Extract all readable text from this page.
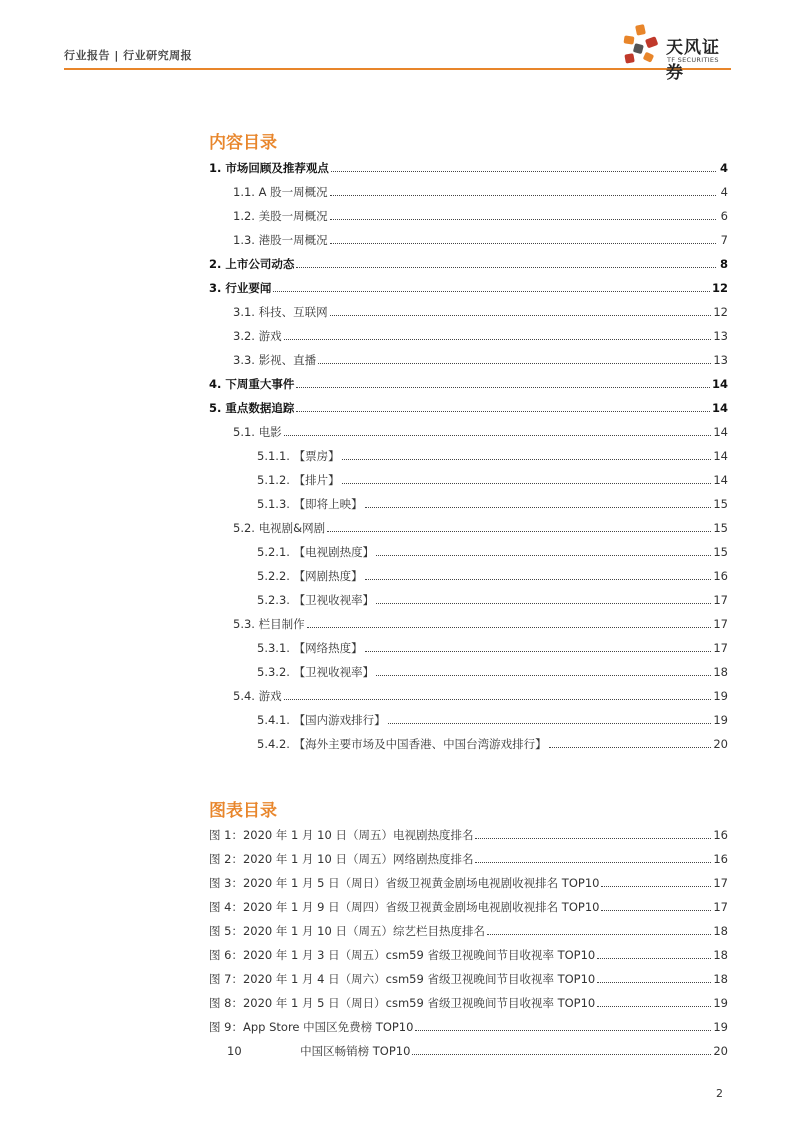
行业报告 | 行业研究周报	天风证券
TF SECURITIES
内容目录
1. 市场回顾及推荐观点	4
1.1. A 股一周概况	4
1.2. 美股一周概况	6
1.3. 港股一周概况	7
2. 上市公司动态	8
3. 行业要闻	12
3.1. 科技、互联网	12
3.2. 游戏	13
3.3. 影视、直播	13
4. 下周重大事件	14
5. 重点数据追踪	14
5.1. 电影	14
5.1.1. 【票房】	14
5.1.2. 【排片】	14
5.1.3. 【即将上映】	15
5.2. 电视剧&网剧	15
5.2.1. 【电视剧热度】	15
5.2.2. 【网剧热度】	16
5.2.3. 【卫视收视率】	17
5.3. 栏目制作	17
5.3.1. 【网络热度】	17
5.3.2. 【卫视收视率】	18
5.4. 游戏	19
5.4.1. 【国内游戏排行】	19
5.4.2. 【海外主要市场及中国香港、中国台湾游戏排行】	20
图表目录
图 1：2020 年 1 月 10 日（周五）电视剧热度排名	16
图 2：2020 年 1 月 10 日（周五）网络剧热度排名	16
图 3：2020 年 1 月 5 日（周日）省级卫视黄金剧场电视剧收视排名 TOP10	17
图 4：2020 年 1 月 9 日（周四）省级卫视黄金剧场电视剧收视排名 TOP10	17
图 5：2020 年 1 月 10 日（周五）综艺栏目热度排名	18
图 6：2020 年 1 月 3 日（周五）csm59 省级卫视晚间节目收视率 TOP10	18
图 7：2020 年 1 月 4 日（周六）csm59 省级卫视晚间节目收视率 TOP10	18
图 8：2020 年 1 月 5 日（周日）csm59 省级卫视晚间节目收视率 TOP10	19
图 9：App Store 中国区免费榜 TOP10	19
10                中国区畅销榜 TOP10	20
2
